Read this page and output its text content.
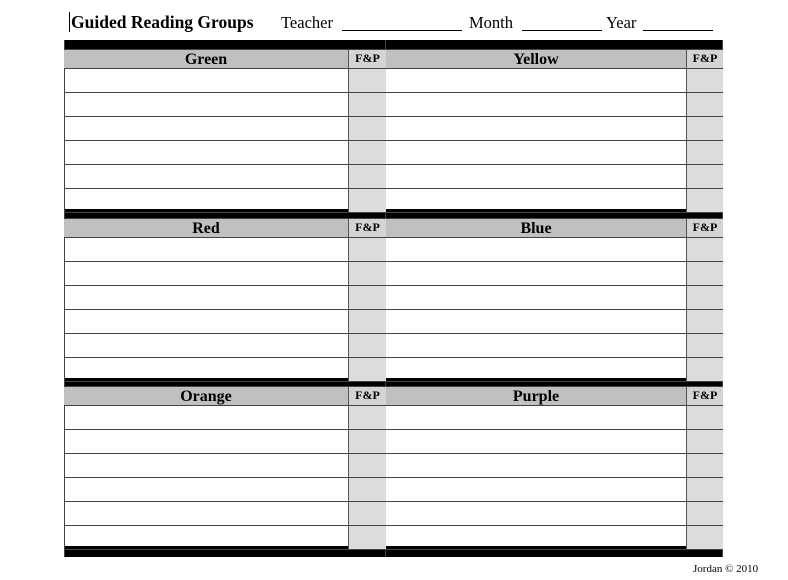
Guided Reading Groups Teacher	Month	Year
Green	F&P	Yellow	F&P
Red	F&P	Blue	F&P
Orange	F&P	Purple	F&P
Jordan © 2010
